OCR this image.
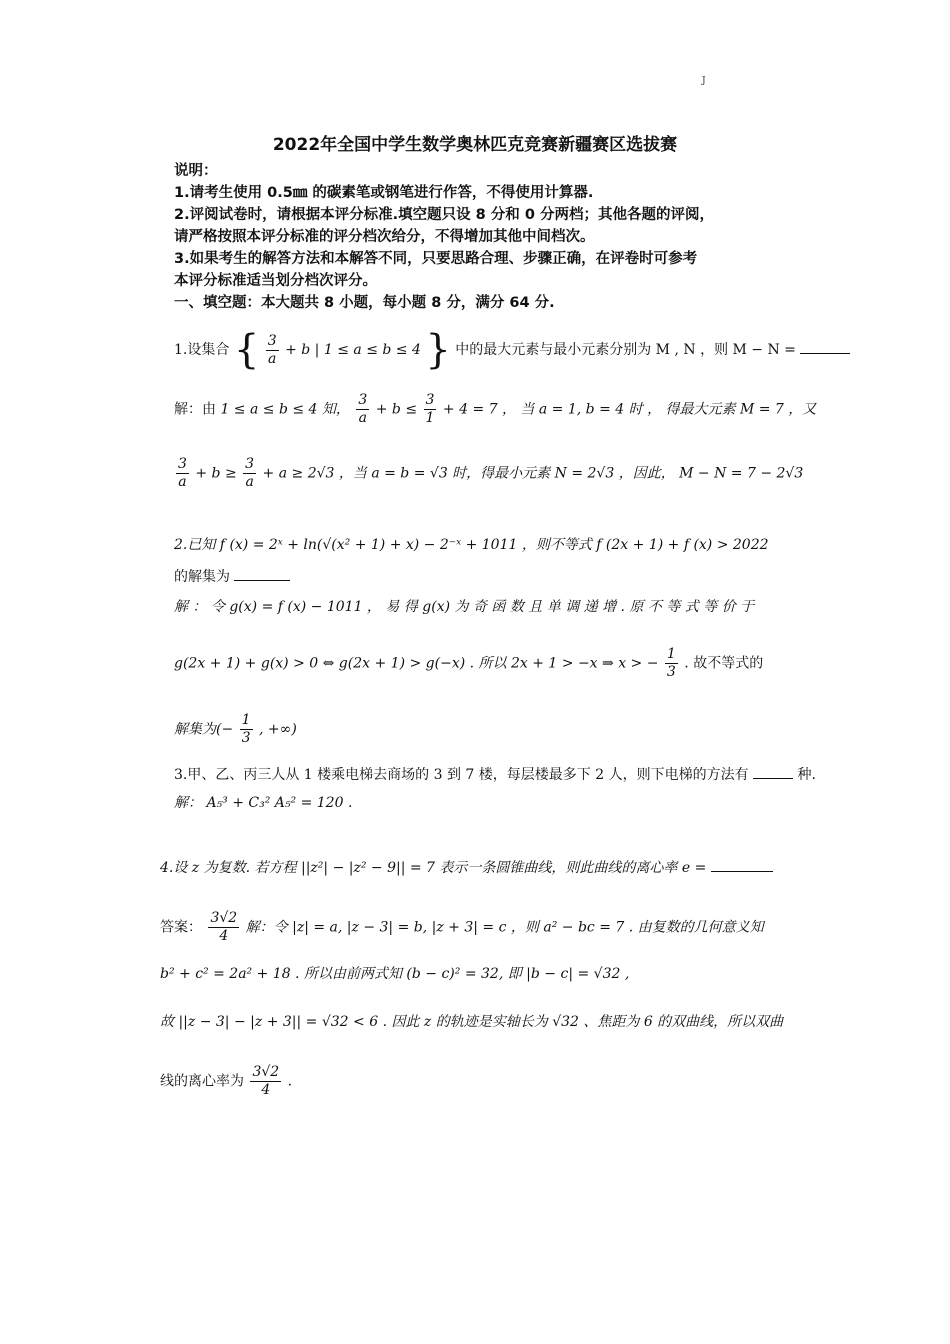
J
2022年全国中学生数学奥林匹克竞赛新疆赛区选拔赛
说明：
1.请考生使用 0.5㎜ 的碳素笔或钢笔进行作答，不得使用计算器.
2.评阅试卷时，请根据本评分标准.填空题只设 8 分和 0 分两档；其他各题的评阅，
请严格按照本评分标准的评分档次给分，不得增加其他中间档次。
3.如果考生的解答方法和本解答不同，只要思路合理、步骤正确，在评卷时可参考
本评分标准适当划分档次评分。
一、填空题：本大题共 8 小题，每小题 8 分，满分 64 分.
1.设集合 { $\frac{3}{a} + b$ | 1 ≤ a ≤ b ≤ 4 } 中的最大元素与最小元素分别为 M , N ，则 M − N =
解：由 1 ≤ a ≤ b ≤ 4 知， $\frac{3}{a} + b \le \frac{3}{1} + 4 = 7$ ， 当 a = 1, b = 4 时 ， 得最大元素 M = 7 ，又
$\frac{3}{a} + b \ge \frac{3}{a} + a \ge 2√3$ ，当 a = b = √3 时，得最小元素 N = 2√3 ，因此， M − N = 7 − 2√3
2.已知 f (x) = 2ˣ + ln(√(x² + 1) + x) − 2⁻ˣ + 1011 ，则不等式 f (2x + 1) + f (x) > 2022
的解集为
解 ： 令 g(x) = f (x) − 1011 ， 易 得 g(x) 为 奇 函 数 且 单 调 递 增 . 原 不 等 式 等 价 于
g(2x + 1) + g(x) > 0 ⇔ g(2x + 1) > g(−x) . 所以 2x + 1 > −x ⇒ x > − $\frac{1}{3}$ . 故不等式的
解集为(− $\frac{1}{3}$ , +∞)
3.甲、乙、丙三人从 1 楼乘电梯去商场的 3 到 7 楼，每层楼最多下 2 人，则下电梯的方法有	种.
解： A₅³ + C₃² A₅² = 120 .
4.设 z 为复数. 若方程 ||z²| − |z² − 9|| = 7 表示一条圆锥曲线，则此曲线的离心率 e =
答案： $\frac{3√2}{4}$ 解：令 |z| = a, |z − 3| = b, |z + 3| = c ，则 a² − bc = 7 . 由复数的几何意义知
b² + c² = 2a² + 18 . 所以由前两式知 (b − c)² = 32, 即 |b − c| = √32 ,
故 ||z − 3| − |z + 3|| = √32 < 6 . 因此 z 的轨迹是实轴长为 √32 、焦距为 6 的双曲线，所以双曲
线的离心率为 $\frac{3√2}{4}$ .
